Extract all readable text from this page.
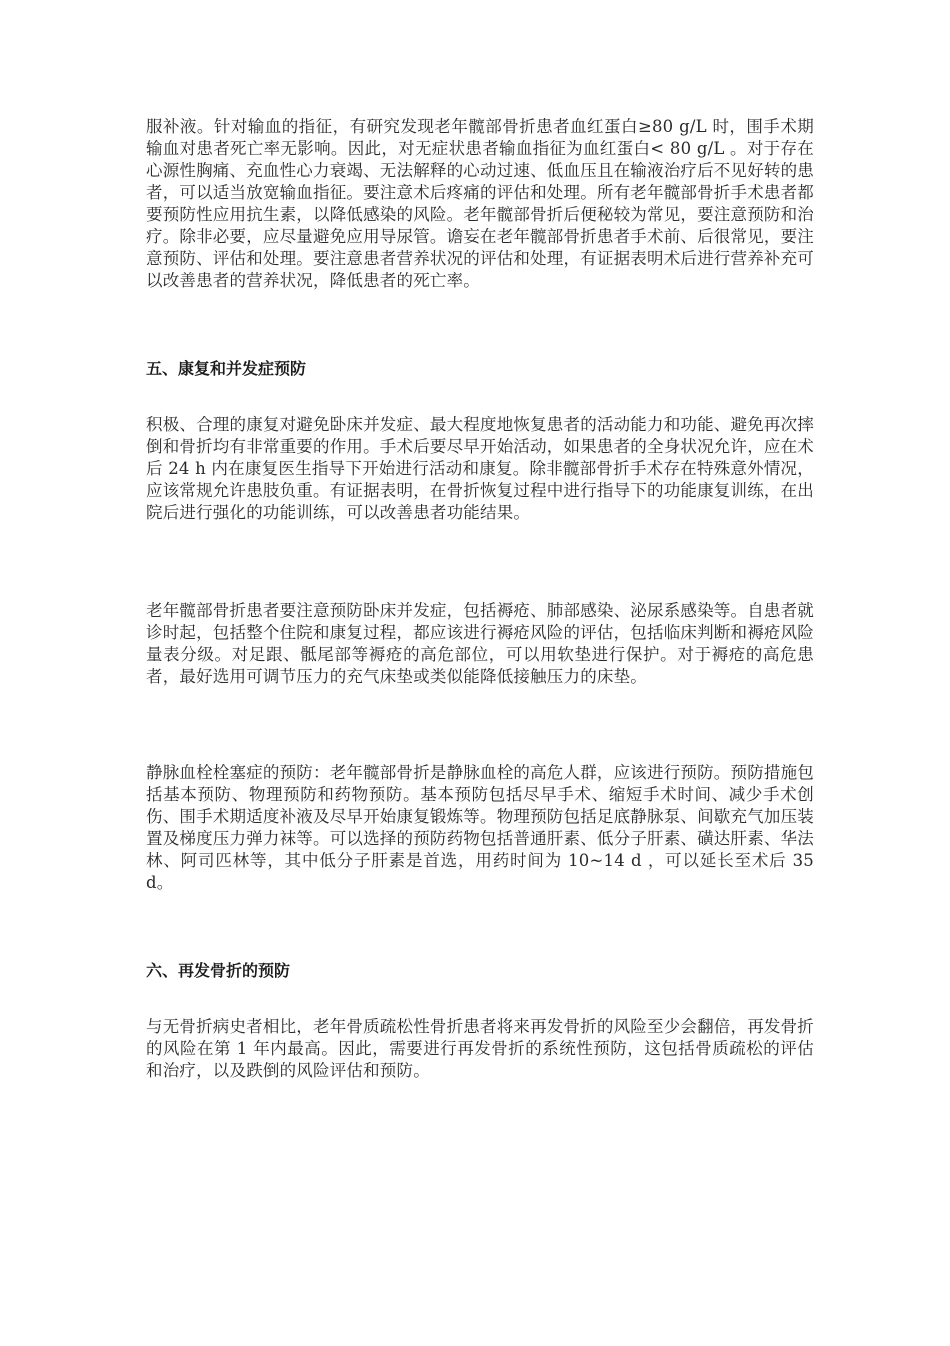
服补液。针对输血的指征，有研究发现老年髋部骨折患者血红蛋白≥80 g/L 时，围手术期输血对患者死亡率无影响。因此，对无症状患者输血指征为血红蛋白< 80 g/L 。对于存在心源性胸痛、充血性心力衰竭、无法解释的心动过速、低血压且在输液治疗后不见好转的患者，可以适当放宽输血指征。要注意术后疼痛的评估和处理。所有老年髋部骨折手术患者都要预防性应用抗生素，以降低感染的风险。老年髋部骨折后便秘较为常见，要注意预防和治疗。除非必要，应尽量避免应用导尿管。谵妄在老年髋部骨折患者手术前、后很常见，要注意预防、评估和处理。要注意患者营养状况的评估和处理，有证据表明术后进行营养补充可以改善患者的营养状况，降低患者的死亡率。

五、康复和并发症预防

积极、合理的康复对避免卧床并发症、最大程度地恢复患者的活动能力和功能、避免再次摔倒和骨折均有非常重要的作用。手术后要尽早开始活动，如果患者的全身状况允许，应在术后 24 h 内在康复医生指导下开始进行活动和康复。除非髋部骨折手术存在特殊意外情况，应该常规允许患肢负重。有证据表明，在骨折恢复过程中进行指导下的功能康复训练，在出院后进行强化的功能训练，可以改善患者功能结果。

老年髋部骨折患者要注意预防卧床并发症，包括褥疮、肺部感染、泌尿系感染等。自患者就诊时起，包括整个住院和康复过程，都应该进行褥疮风险的评估，包括临床判断和褥疮风险量表分级。对足跟、骶尾部等褥疮的高危部位，可以用软垫进行保护。对于褥疮的高危患者，最好选用可调节压力的充气床垫或类似能降低接触压力的床垫。

静脉血栓栓塞症的预防：老年髋部骨折是静脉血栓的高危人群，应该进行预防。预防措施包括基本预防、物理预防和药物预防。基本预防包括尽早手术、缩短手术时间、减少手术创伤、围手术期适度补液及尽早开始康复锻炼等。物理预防包括足底静脉泵、间歇充气加压装置及梯度压力弹力袜等。可以选择的预防药物包括普通肝素、低分子肝素、磺达肝素、华法林、阿司匹林等，其中低分子肝素是首选，用药时间为 10~14 d ，可以延长至术后 35 d。

六、再发骨折的预防

与无骨折病史者相比，老年骨质疏松性骨折患者将来再发骨折的风险至少会翻倍，再发骨折的风险在第 1 年内最高。因此，需要进行再发骨折的系统性预防，这包括骨质疏松的评估和治疗，以及跌倒的风险评估和预防。
